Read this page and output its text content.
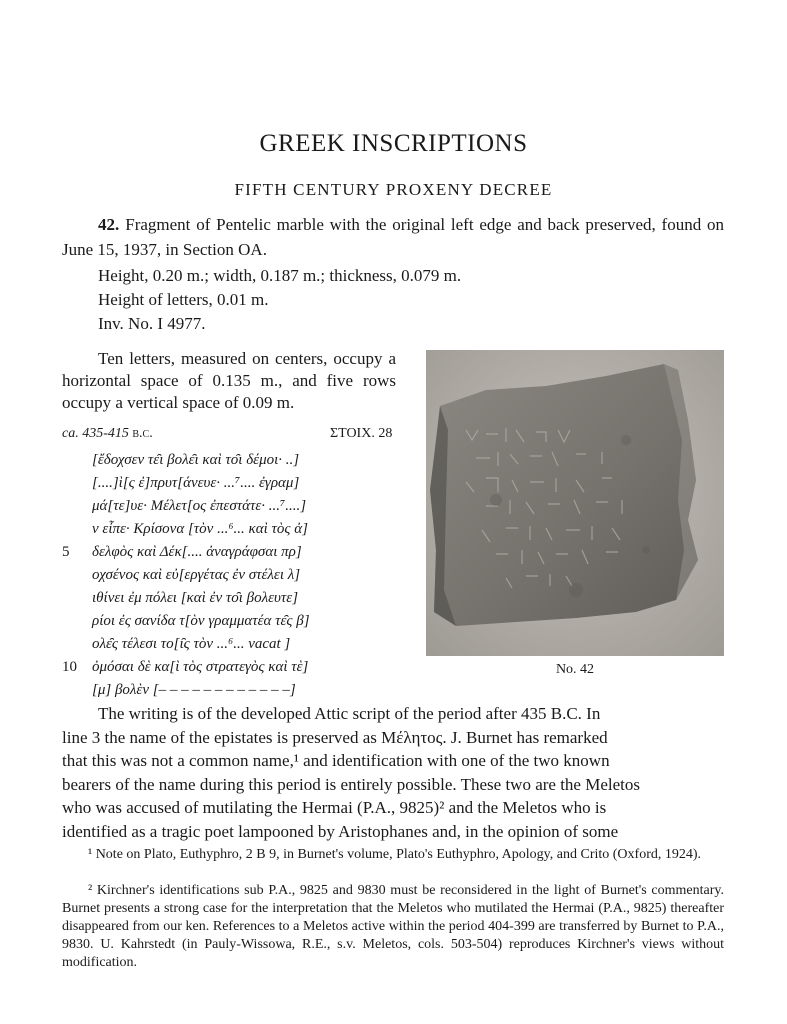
GREEK INSCRIPTIONS
FIFTH CENTURY PROXENY DECREE
42. Fragment of Pentelic marble with the original left edge and back preserved, found on June 15, 1937, in Section OA.
Height, 0.20 m.; width, 0.187 m.; thickness, 0.079 m.
Height of letters, 0.01 m.
Inv. No. I 4977.
Ten letters, measured on centers, occupy a horizontal space of 0.135 m., and five rows occupy a vertical space of 0.09 m.
ca. 435-415 b.c.	ΣΤΟΙΧ. 28
[ἔδοχσεν τε̑ι βολε̑ι καὶ το̑ι δέμοι· ..]
[....]ὶ[ς ἐ]πρυτ[άνευε· ...⁷.... ἐγραμ]
μά[τε]υε· Μέλετ[ος ἐπεστάτε· ...⁷....]
ν εἶπε· Κρίσονα [τὸν ...⁶... καὶ τὸς ἀ]
5 δελφὸς καὶ Δέκ[.... ἀναγράφσαι πρ]
οχσένος καὶ εὐ[εργέτας ἐν στέλει λ]
ιθίνει ἐμ πόλει [καὶ ἐν το̑ι βολευτε]
ρίοι ἐς σανίδα τ[ὸν γραμματέα τε̑ς β]
ολε̑ς τέλεσι το[ι̑ς τὸν ...⁶... vacat ]
10 ὀμόσαι δὲ κα[ὶ τὸς στρατεγὸς καὶ τὲ]
[μ] βολὲν [– – – – – – – – – – – –]
No. 42
The writing is of the developed Attic script of the period after 435 B.C. In
line 3 the name of the epistates is preserved as Μέλητος. J. Burnet has remarked
that this was not a common name,¹ and identification with one of the two known
bearers of the name during this period is entirely possible. These two are the Meletos
who was accused of mutilating the Hermai (P.A., 9825)² and the Meletos who is
identified as a tragic poet lampooned by Aristophanes and, in the opinion of some
¹ Note on Plato, Euthyphro, 2 B 9, in Burnet's volume, Plato's Euthyphro, Apology, and Crito (Oxford, 1924).
² Kirchner's identifications sub P.A., 9825 and 9830 must be reconsidered in the light of Burnet's commentary. Burnet presents a strong case for the interpretation that the Meletos who mutilated the Hermai (P.A., 9825) thereafter disappeared from our ken. References to a Meletos active within the period 404-399 are transferred by Burnet to P.A., 9830. U. Kahrstedt (in Pauly-Wissowa, R.E., s.v. Meletos, cols. 503-504) reproduces Kirchner's views without modification.
